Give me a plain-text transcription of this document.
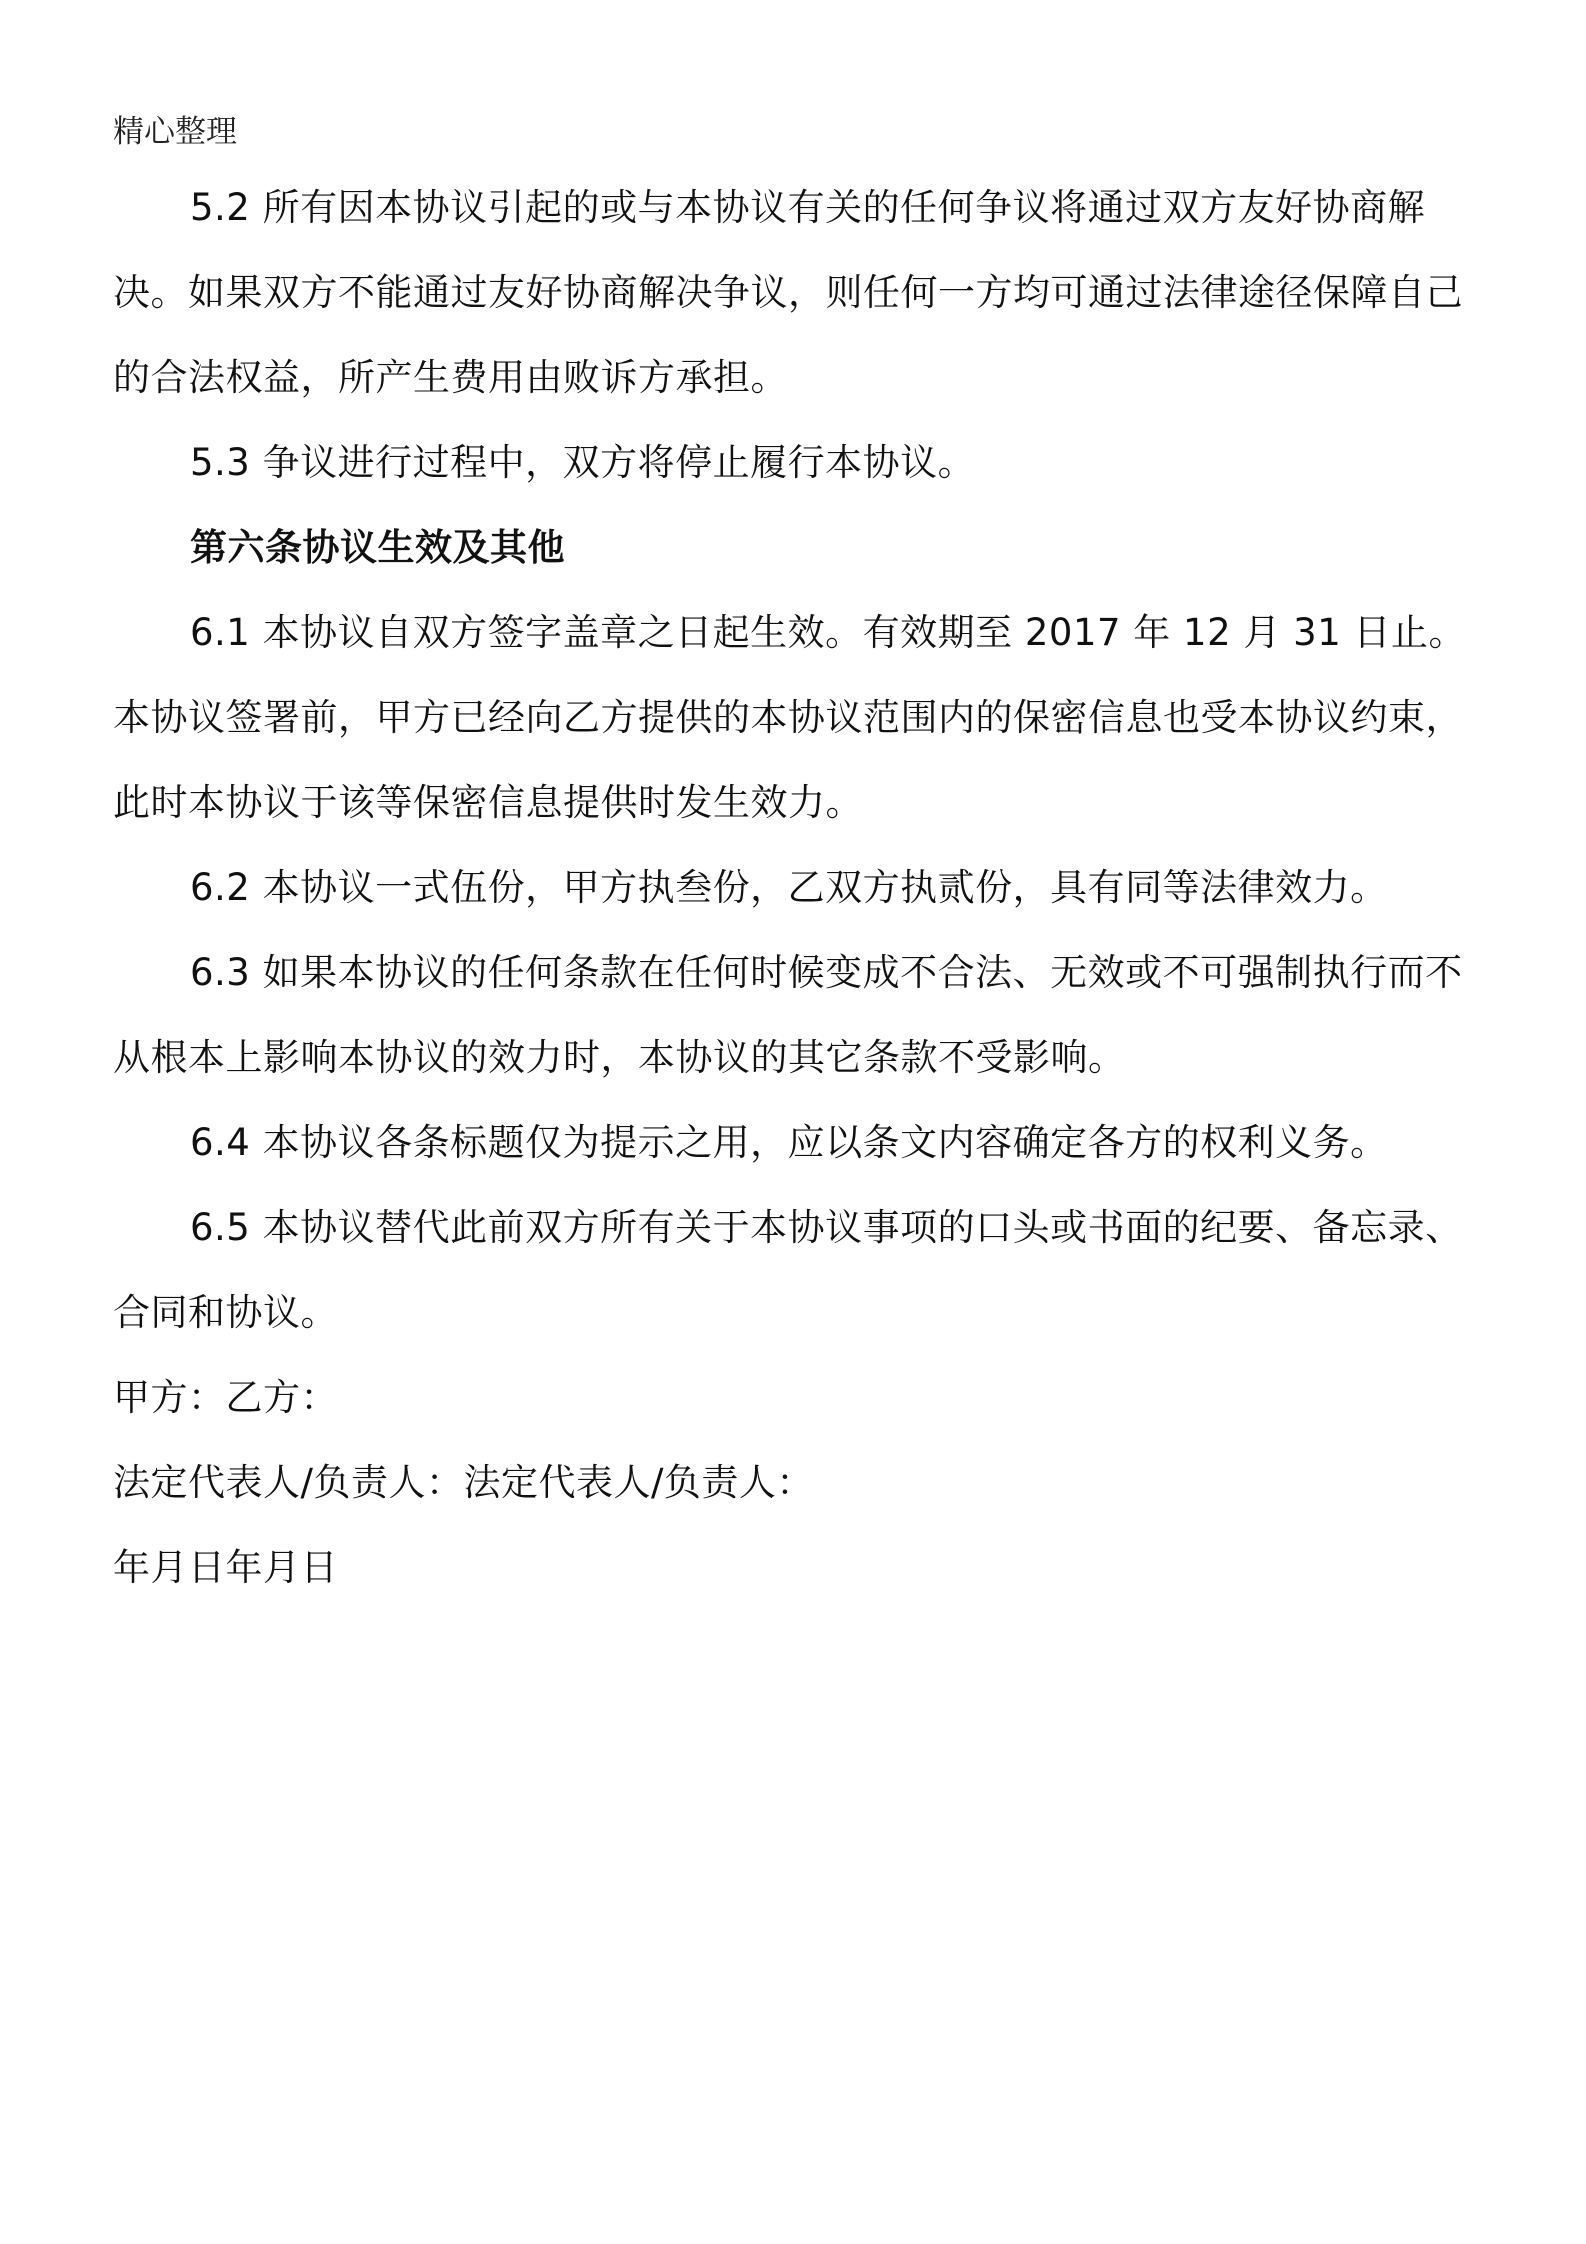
精心整理

5.2 所有因本协议引起的或与本协议有关的任何争议将通过双方友好协商解决。如果双方不能通过友好协商解决争议，则任何一方均可通过法律途径保障自己的合法权益，所产生费用由败诉方承担。

5.3 争议进行过程中，双方将停止履行本协议。

第六条协议生效及其他

6.1 本协议自双方签字盖章之日起生效。有效期至 2017 年 12 月 31 日止。本协议签署前，甲方已经向乙方提供的本协议范围内的保密信息也受本协议约束，此时本协议于该等保密信息提供时发生效力。

6.2 本协议一式伍份，甲方执叁份，乙双方执贰份，具有同等法律效力。

6.3 如果本协议的任何条款在任何时候变成不合法、无效或不可强制执行而不从根本上影响本协议的效力时，本协议的其它条款不受影响。

6.4 本协议各条标题仅为提示之用，应以条文内容确定各方的权利义务。

6.5 本协议替代此前双方所有关于本协议事项的口头或书面的纪要、备忘录、合同和协议。

甲方：乙方：

法定代表人/负责人：法定代表人/负责人：

年月日年月日
